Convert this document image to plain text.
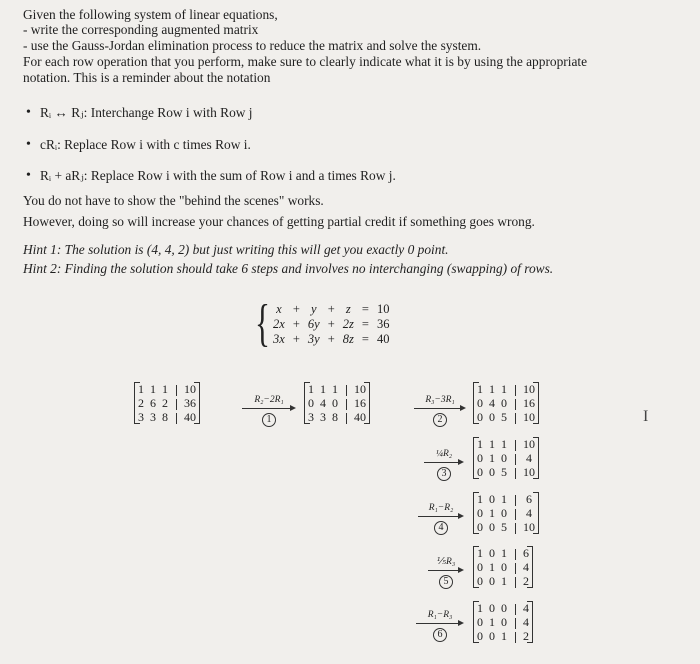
Given the following system of linear equations,
- write the corresponding augmented matrix
- use the Gauss-Jordan elimination process to reduce the matrix and solve the system.
For each row operation that you perform, make sure to clearly indicate what it is by using the appropriate
notation. This is a reminder about the notation
• Rᵢ ↔ Rⱼ: Interchange Row i with Row j
• cRᵢ: Replace Row i with c times Row i.
• Rᵢ + aRⱼ: Replace Row i with the sum of Row i and a times Row j.
You do not have to show the "behind the scenes" works.
However, doing so will increase your chances of getting partial credit if something goes wrong.
Hint 1: The solution is (4, 4, 2) but just writing this will get you exactly 0 point.
Hint 2: Finding the solution should take 6 steps and involves no interchanging (swapping) of rows.
{ x	+	y	+	z	=	10
2x	+	6y	+	2z	=	36
3x	+	3y	+	8z	=	40
1	1	1		10
2	6	2		36
3	3	8		40
R₂−2R₁
1
1	1	1		10
0	4	0		16
3	3	8		40
R₃−3R₁
2
1	1	1		10
0	4	0		16
0	0	5		10
¼R₂
3
1	1	1		10
0	1	0		4
0	0	5		10
R₁−R₂
4
1	0	1		6
0	1	0		4
0	0	5		10
⅕R₃
5
1	0	1		6
0	1	0		4
0	0	1		2
R₁−R₃
6
1	0	0		4
0	1	0		4
0	0	1		2
I
